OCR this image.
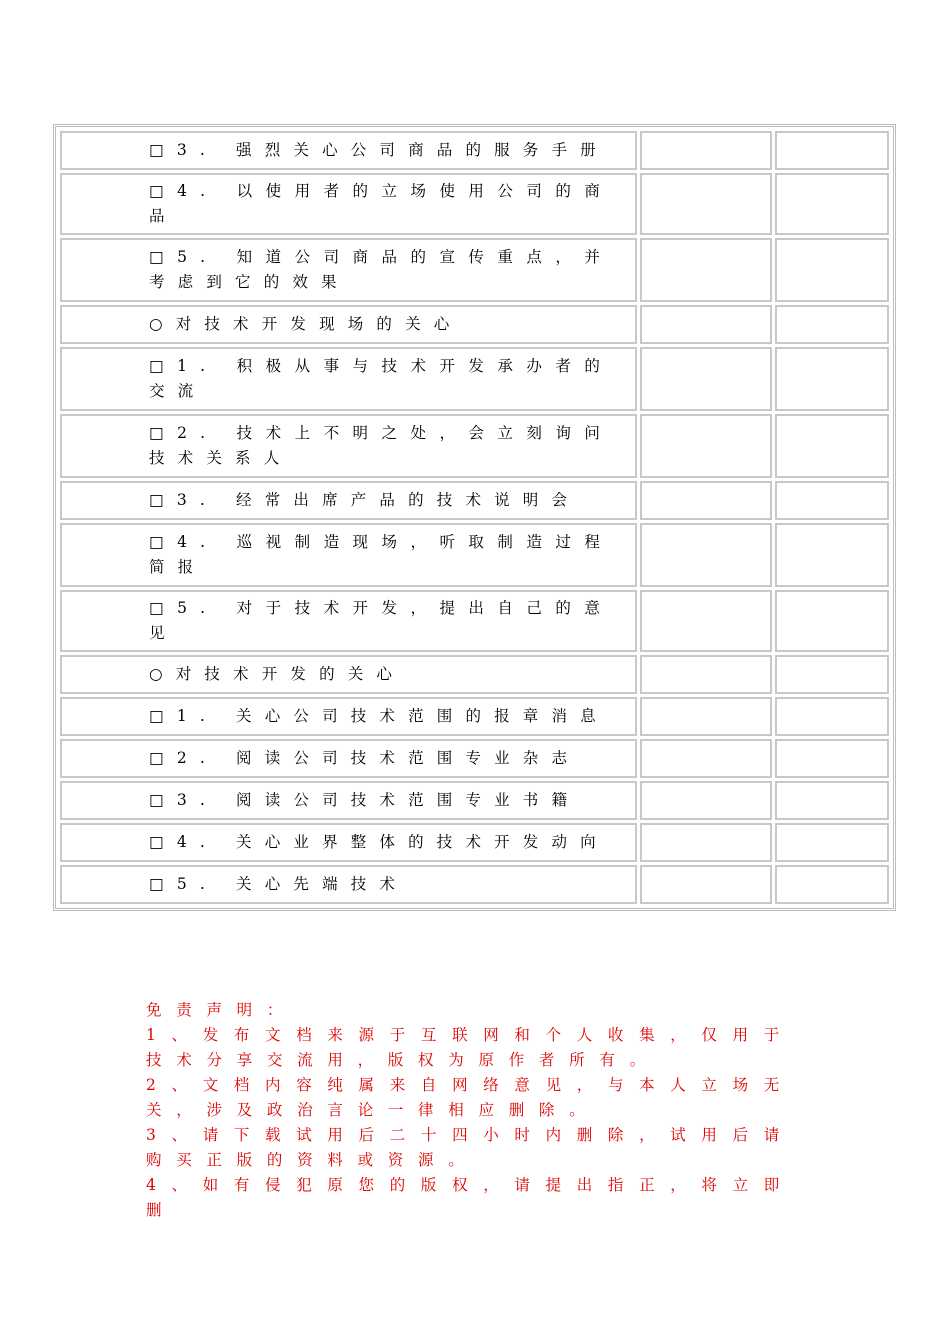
□3. 强烈关心公司商品的服务手册		
□4. 以使用者的立场使用公司的商品		
□5. 知道公司商品的宣传重点，并考虑到它的效果		
○对技术开发现场的关心		
□1. 积极从事与技术开发承办者的交流		
□2. 技术上不明之处，会立刻询问技术关系人		
□3. 经常出席产品的技术说明会		
□4. 巡视制造现场，听取制造过程简报		
□5. 对于技术开发，提出自己的意见		
○对技术开发的关心		
□1. 关心公司技术范围的报章消息		
□2. 阅读公司技术范围专业杂志		
□3. 阅读公司技术范围专业书籍		
□4. 关心业界整体的技术开发动向		
□5. 关心先端技术		

免责声明：

1、发布文档来源于互联网和个人收集，仅用于技术分享交流用，版权为原作者所有。

2、文档内容纯属来自网络意见，与本人立场无关，涉及政治言论一律相应删除。

3、请下载试用后二十四小时内删除，试用后请购买正版的资料或资源。

4、如有侵犯原您的版权，请提出指正，将立即删
